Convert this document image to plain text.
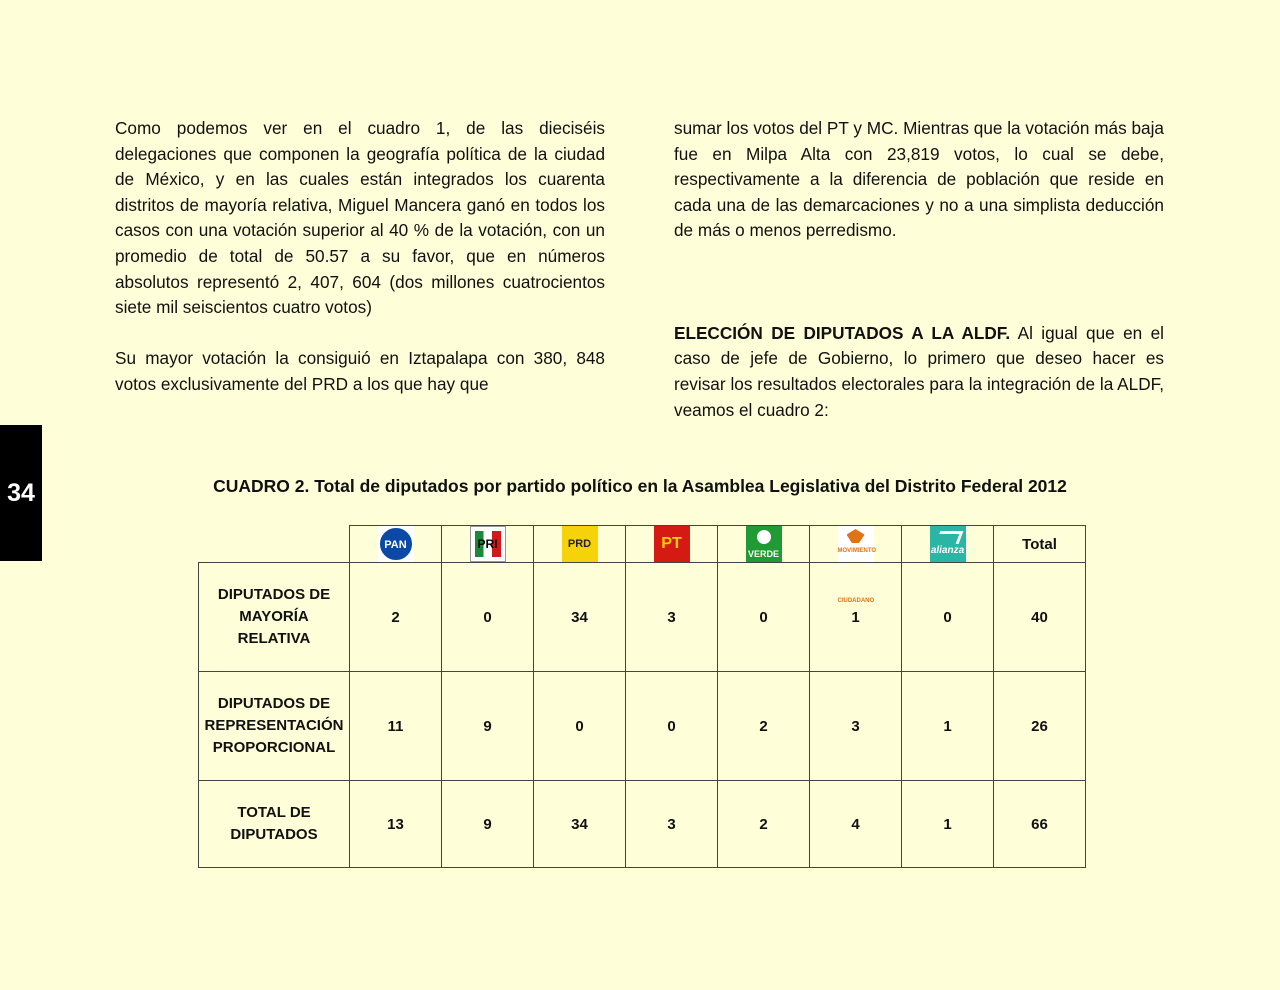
34

Como podemos ver en el cuadro 1, de las dieciséis delegaciones que componen la geografía política de la ciudad de México, y en las cuales están integrados los cuarenta distritos de mayoría relativa, Miguel Mancera ganó en todos los casos con una votación superior al 40 % de la votación, con un promedio de total de 50.57 a su favor, que en números absolutos representó 2, 407, 604 (dos millones cuatrocientos siete mil seiscientos cuatro votos)

Su mayor votación la consiguió en Iztapalapa con 380, 848 votos exclusivamente del PRD a los que hay que

sumar los votos del PT y MC. Mientras que la votación más baja fue en Milpa Alta con 23,819 votos, lo cual se debe, respectivamente a la diferencia de población que reside en cada una de las demarcaciones y no a una simplista deducción de más o menos perredismo.

ELECCIÓN DE DIPUTADOS A LA ALDF. Al igual que en el caso de jefe de Gobierno, lo primero que deseo hacer es revisar los resultados electorales para la integración de la ALDF, veamos el cuadro 2:

CUADRO 2. Total de diputados por partido político en la Asamblea Legislativa del Distrito Federal 2012

	PAN	PRI	PRD	PT	VERDE	MOVIMIENTO CIUDADANO	alianza	Total

DIPUTADOS DE
MAYORÍA
RELATIVA	2	0	34	3	0	1	0	40

DIPUTADOS DE
REPRESENTACIÓN
PROPORCIONAL	11	9	0	0	2	3	1	26

TOTAL DE
DIPUTADOS	13	9	34	3	2	4	1	66
